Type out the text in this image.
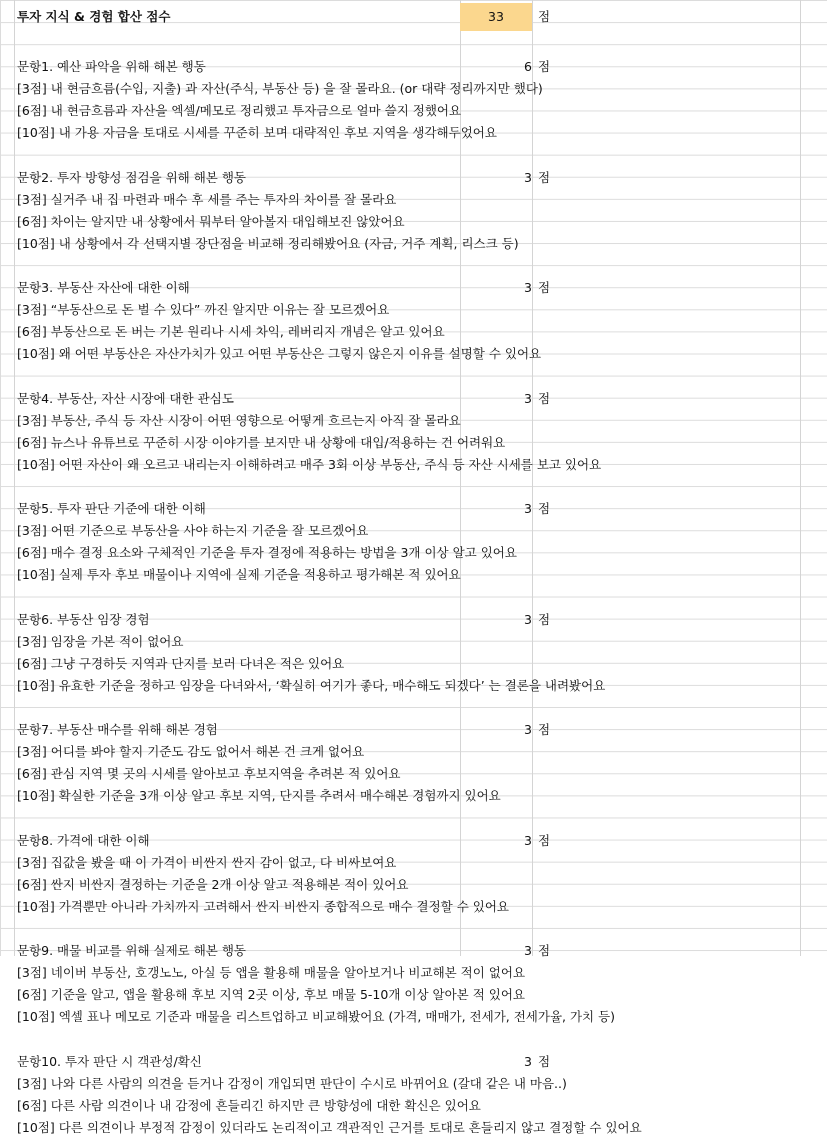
투자 지식 & 경험 합산 점수	33	점
문항1. 예산 파악을 위해 해본 행동	6 점
[3점] 내 현금흐름(수입, 지출) 과 자산(주식, 부동산 등) 을 잘 몰라요. (or 대략 정리까지만 했다)
[6점] 내 현금흐름과 자산을 엑셀/메모로 정리했고 투자금으로 얼마 쓸지 정했어요
[10점] 내 가용 자금을 토대로 시세를 꾸준히 보며 대략적인 후보 지역을 생각해두었어요
문항2. 투자 방향성 점검을 위해 해본 행동	3 점
[3점] 실거주 내 집 마련과 매수 후 세를 주는 투자의 차이를 잘 몰라요
[6점] 차이는 알지만 내 상황에서 뭐부터 알아볼지 대입해보진 않았어요
[10점] 내 상황에서 각 선택지별 장단점을 비교해 정리해봤어요 (자금, 거주 계획, 리스크 등)
문항3. 부동산 자산에 대한 이해	3 점
[3점] “부동산으로 돈 벌 수 있다” 까진 알지만 이유는 잘 모르겠어요
[6점] 부동산으로 돈 버는 기본 원리나 시세 차익, 레버리지 개념은 알고 있어요
[10점] 왜 어떤 부동산은 자산가치가 있고 어떤 부동산은 그렇지 않은지 이유를 설명할 수 있어요
문항4. 부동산, 자산 시장에 대한 관심도	3 점
[3점] 부동산, 주식 등 자산 시장이 어떤 영향으로 어떻게 흐르는지 아직 잘 몰라요
[6점] 뉴스나 유튜브로 꾸준히 시장 이야기를 보지만 내 상황에 대입/적용하는 건 어려워요
[10점] 어떤 자산이 왜 오르고 내리는지 이해하려고 매주 3회 이상 부동산, 주식 등 자산 시세를 보고 있어요
문항5. 투자 판단 기준에 대한 이해	3 점
[3점] 어떤 기준으로 부동산을 사야 하는지 기준을 잘 모르겠어요
[6점] 매수 결정 요소와 구체적인 기준을 투자 결정에 적용하는 방법을 3개 이상 알고 있어요
[10점] 실제 투자 후보 매물이나 지역에 실제 기준을 적용하고 평가해본 적 있어요
문항6. 부동산 임장 경험	3 점
[3점] 임장을 가본 적이 없어요
[6점] 그냥 구경하듯 지역과 단지를 보러 다녀온 적은 있어요
[10점] 유효한 기준을 정하고 임장을 다녀와서, ‘확실히 여기가 좋다, 매수해도 되겠다’ 는 결론을 내려봤어요
문항7. 부동산 매수를 위해 해본 경험	3 점
[3점] 어디를 봐야 할지 기준도 감도 없어서 해본 건 크게 없어요
[6점] 관심 지역 몇 곳의 시세를 알아보고 후보지역을 추려본 적 있어요
[10점] 확실한 기준을 3개 이상 알고 후보 지역, 단지를 추려서 매수해본 경험까지 있어요
문항8. 가격에 대한 이해	3 점
[3점] 집값을 봤을 때 이 가격이 비싼지 싼지 감이 없고, 다 비싸보여요
[6점] 싼지 비싼지 결정하는 기준을 2개 이상 알고 적용해본 적이 있어요
[10점] 가격뿐만 아니라 가치까지 고려해서 싼지 비싼지 종합적으로 매수 결정할 수 있어요
문항9. 매물 비교를 위해 실제로 해본 행동	3 점
[3점] 네이버 부동산, 호갱노노, 아실 등 앱을 활용해 매물을 알아보거나 비교해본 적이 없어요
[6점] 기준을 알고, 앱을 활용해 후보 지역 2곳 이상, 후보 매물 5-10개 이상 알아본 적 있어요
[10점] 엑셀 표나 메모로 기준과 매물을 리스트업하고 비교해봤어요 (가격, 매매가, 전세가, 전세가율, 가치 등)
문항10. 투자 판단 시 객관성/확신	3 점
[3점] 나와 다른 사람의 의견을 듣거나 감정이 개입되면 판단이 수시로 바뀌어요 (갈대 같은 내 마음..)
[6점] 다른 사람 의견이나 내 감정에 흔들리긴 하지만 큰 방향성에 대한 확신은 있어요
[10점] 다른 의견이나 부정적 감정이 있더라도 논리적이고 객관적인 근거를 토대로 흔들리지 않고 결정할 수 있어요
